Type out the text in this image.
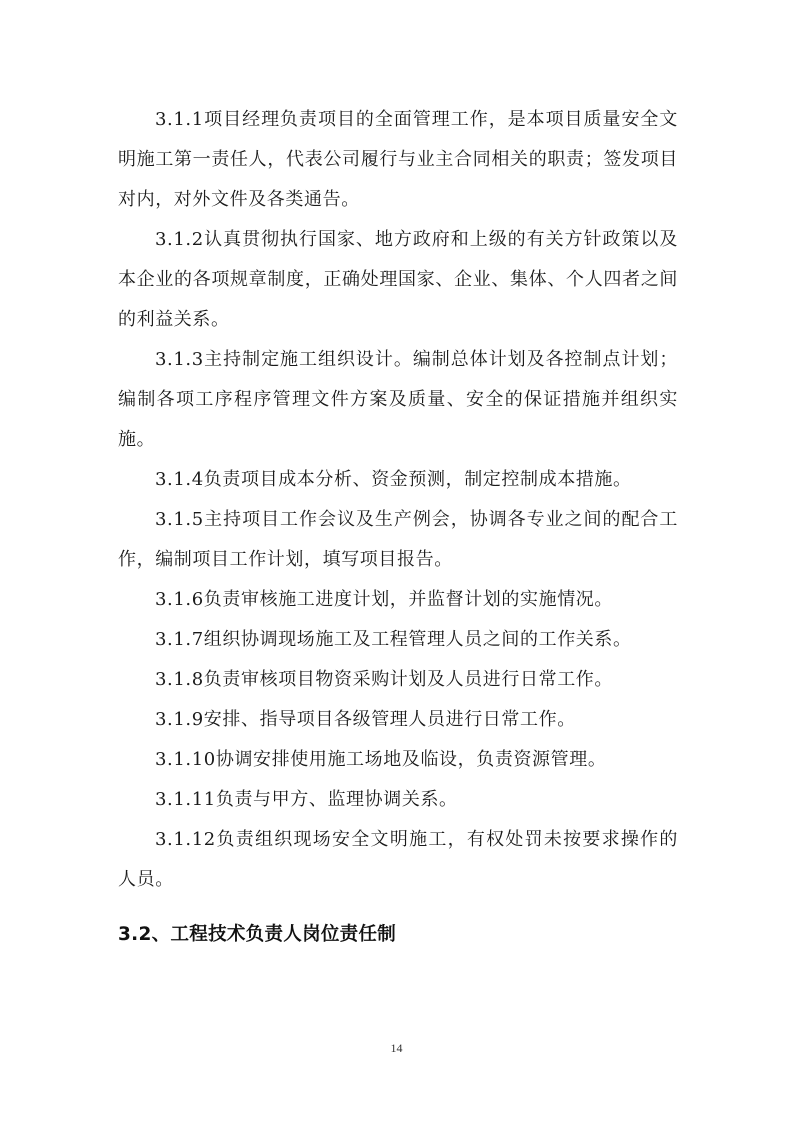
3.1.1项目经理负责项目的全面管理工作，是本项目质量安全文明施工第一责任人，代表公司履行与业主合同相关的职责；签发项目对内，对外文件及各类通告。

3.1.2认真贯彻执行国家、地方政府和上级的有关方针政策以及本企业的各项规章制度，正确处理国家、企业、集体、个人四者之间的利益关系。

3.1.3主持制定施工组织设计。编制总体计划及各控制点计划；编制各项工序程序管理文件方案及质量、安全的保证措施并组织实施。

3.1.4负责项目成本分析、资金预测，制定控制成本措施。

3.1.5主持项目工作会议及生产例会，协调各专业之间的配合工作，编制项目工作计划，填写项目报告。

3.1.6负责审核施工进度计划，并监督计划的实施情况。

3.1.7组织协调现场施工及工程管理人员之间的工作关系。

3.1.8负责审核项目物资采购计划及人员进行日常工作。

3.1.9安排、指导项目各级管理人员进行日常工作。

3.1.10协调安排使用施工场地及临设，负责资源管理。

3.1.11负责与甲方、监理协调关系。

3.1.12负责组织现场安全文明施工，有权处罚未按要求操作的人员。

3.2、工程技术负责人岗位责任制
14
